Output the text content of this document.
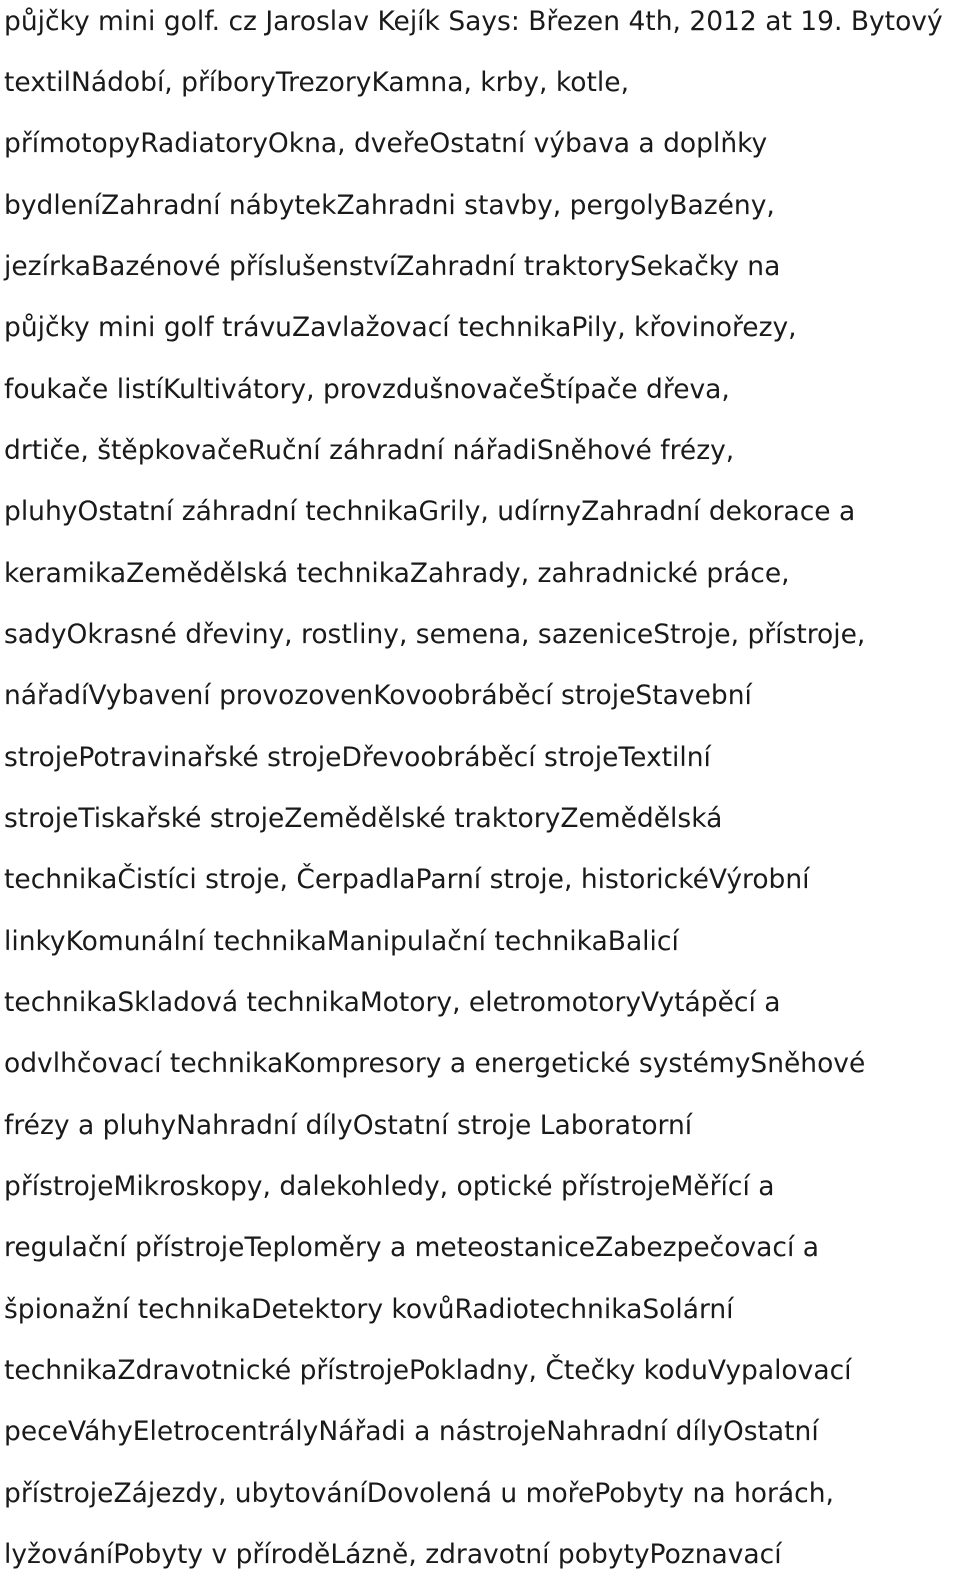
půjčky mini golf. cz Jaroslav Kejík Says: Březen 4th, 2012 at 19. Bytový
textilNádobí, příboryTrezoryKamna, krby, kotle,
přímotopyRadiatoryOkna, dveřeOstatní výbava a doplňky
bydleníZahradní nábytekZahradni stavby, pergolyBazény,
jezírkaBazénové příslušenstvíZahradní traktorySekačky na
půjčky mini golf trávuZavlažovací technikaPily, křovinořezy,
foukače listíKultivátory, provzdušnovačeŠtípače dřeva,
drtiče, štěpkovačeRuční záhradní nářadiSněhové frézy,
pluhyOstatní záhradní technikaGrily, udírnyZahradní dekorace a
keramikaZemědělská technikaZahrady, zahradnické práce,
sadyOkrasné dřeviny, rostliny, semena, sazeniceStroje, přístroje,
nářadíVybavení provozovenKovoobráběcí strojeStavební
strojePotravinařské strojeDřevoobráběcí strojeTextilní
strojeTiskařské strojeZemědělské traktoryZemědělská
technikaČistíci stroje, ČerpadlaParní stroje, historickéVýrobní
linkyKomunální technikaManipulační technikaBalicí
technikaSkladová technikaMotory, eletromotoryVytápěcí a
odvlhčovací technikaKompresory a energetické systémySněhové
frézy a pluhyNahradní dílyOstatní stroje Laboratorní
přístrojeMikroskopy, dalekohledy, optické přístrojeMěřící a
regulační přístrojeTeploměry a meteostaniceZabezpečovací a
špionažní technikaDetektory kovůRadiotechnikaSolární
technikaZdravotnické přístrojePokladny, Čtečky koduVypalovací
peceVáhyEletrocentrályNářadi a nástrojeNahradní dílyOstatní
přístrojeZájezdy, ubytováníDovolená u mořePobyty na horách,
lyžováníPobyty v příroděLázně, zdravotní pobytyPoznavací
